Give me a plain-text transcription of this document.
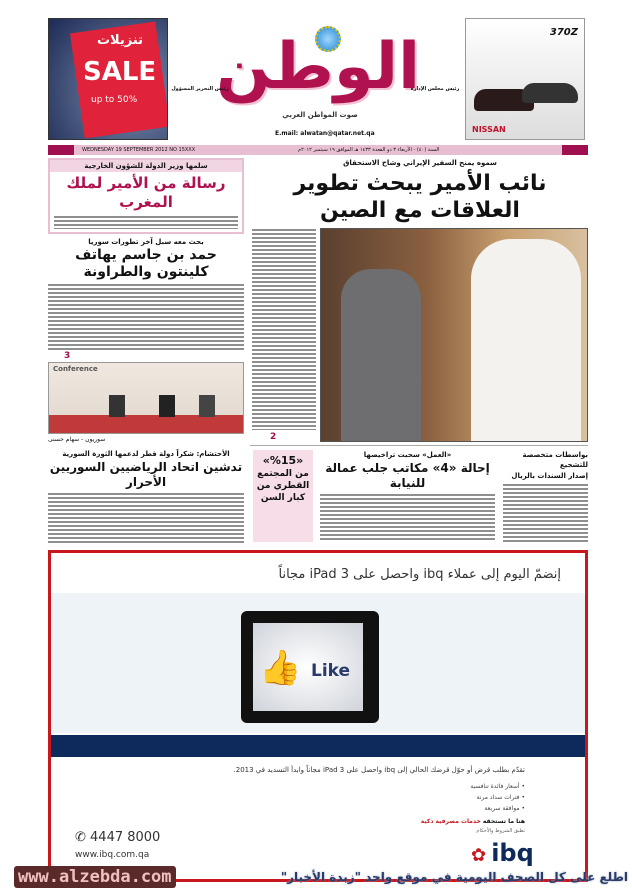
تنزيلات
SALE
up to 50% الوطن
صوت المواطن العربي
E.mail: alwatan@qatar.net.qa
رئيس التحرير المسؤول	رئيس مجلس الإدارة
370Z
NISSAN
WEDNESDAY 19 SEPTEMBER 2012 NO 15XXX	السنة (٤٠) - الأربعاء ٣ ذو القعدة ١٤٣٣ هـ الموافق ١٩ سبتمبر ٢٠١٢م
سموه يمنح السفير الإيراني وشاح الاستحقاق
نائب الأمير يبحث تطوير العلاقات مع الصين
2
سلمها وزير الدولة للشؤون الخارجية
رسالة من الأمير لملك المغرب
بحث معه سبل آخر تطورات سوريا
حمد بن جاسم يهاتف كلينتون والطراونة
3
Conference
سوريون - سهام حسنى
الأحتشام: شكراً دولة قطر لدعمها الثورة السورية
تدشين اتحاد الرياضيين السوريين الأحرار
«%15»
من المجتمع القطري من كبار السن
«العمل» سحبت تراخيصها
إحالة «4» مكاتب جلب عمالة للنيابة
بواسطات متخصصة للتشجيع
إصدار السندات بالريال
إنضمّ اليوم إلى عملاء ibq واحصل على iPad 3 مجاناً
👍 Like
تقدّم بطلب قرض أو حوّل قرضك الحالي إلى ibq واحصل على iPad 3 مجاناً وابدأ التسديد في 2013.
• أسعار فائدة تنافسية
• فترات سداد مرنة
• موافقة سريعة
هنا ما تستحقه خدمات مصرفية ذكية
تطبق الشروط والأحكام
✿ ibq
✆ 4447 8000
www.ibq.com.qa
www.alzebda.com	اطلع على كل الصحف اليومية في موقع واحد "زبدة الأخبار"
